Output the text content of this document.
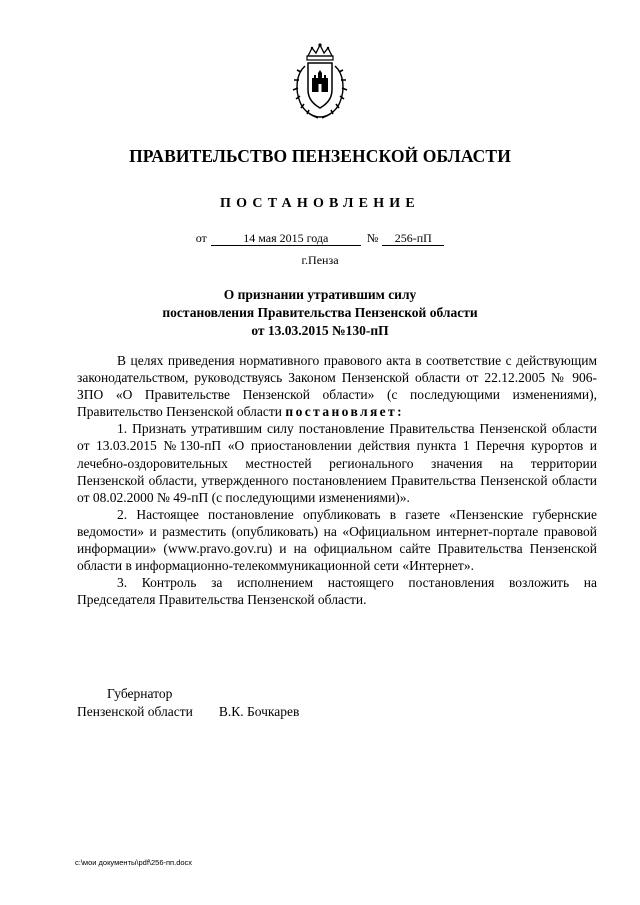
ПРАВИТЕЛЬСТВО ПЕНЗЕНСКОЙ ОБЛАСТИ
ПОСТАНОВЛЕНИЕ
от	14 мая 2015 года	№	256-пП
г.Пенза
О признании утратившим силу
постановления Правительства Пензенской области
от 13.03.2015 №130-пП

В целях приведения нормативного правового акта в соответствие с действующим законодательством, руководствуясь Законом Пензенской области от 22.12.2005 № 906-ЗПО «О Правительстве Пензенской области» (с последующими изменениями), Правительство Пензенской области постановляет:

1. Признать утратившим силу постановление Правительства Пензенской области от 13.03.2015 №130-пП «О приостановлении действия пункта 1 Перечня курортов и лечебно-оздоровительных местностей регионального значения на территории Пензенской области, утвержденного постановлением Правительства Пензенской области от 08.02.2000 № 49-пП (с последующими изменениями)».

2. Настоящее постановление опубликовать в газете «Пензенские губернские ведомости» и разместить (опубликовать) на «Официальном интернет-портале правовой информации» (www.pravo.gov.ru) и на официальном сайте Правительства Пензенской области в информационно-телекоммуникационной сети «Интернет».

3. Контроль за исполнением настоящего постановления возложить на Председателя Правительства Пензенской области.

Губернатор
Пензенской области В.К. Бочкарев
c:\мои документы\pdf\256-пп.docx
